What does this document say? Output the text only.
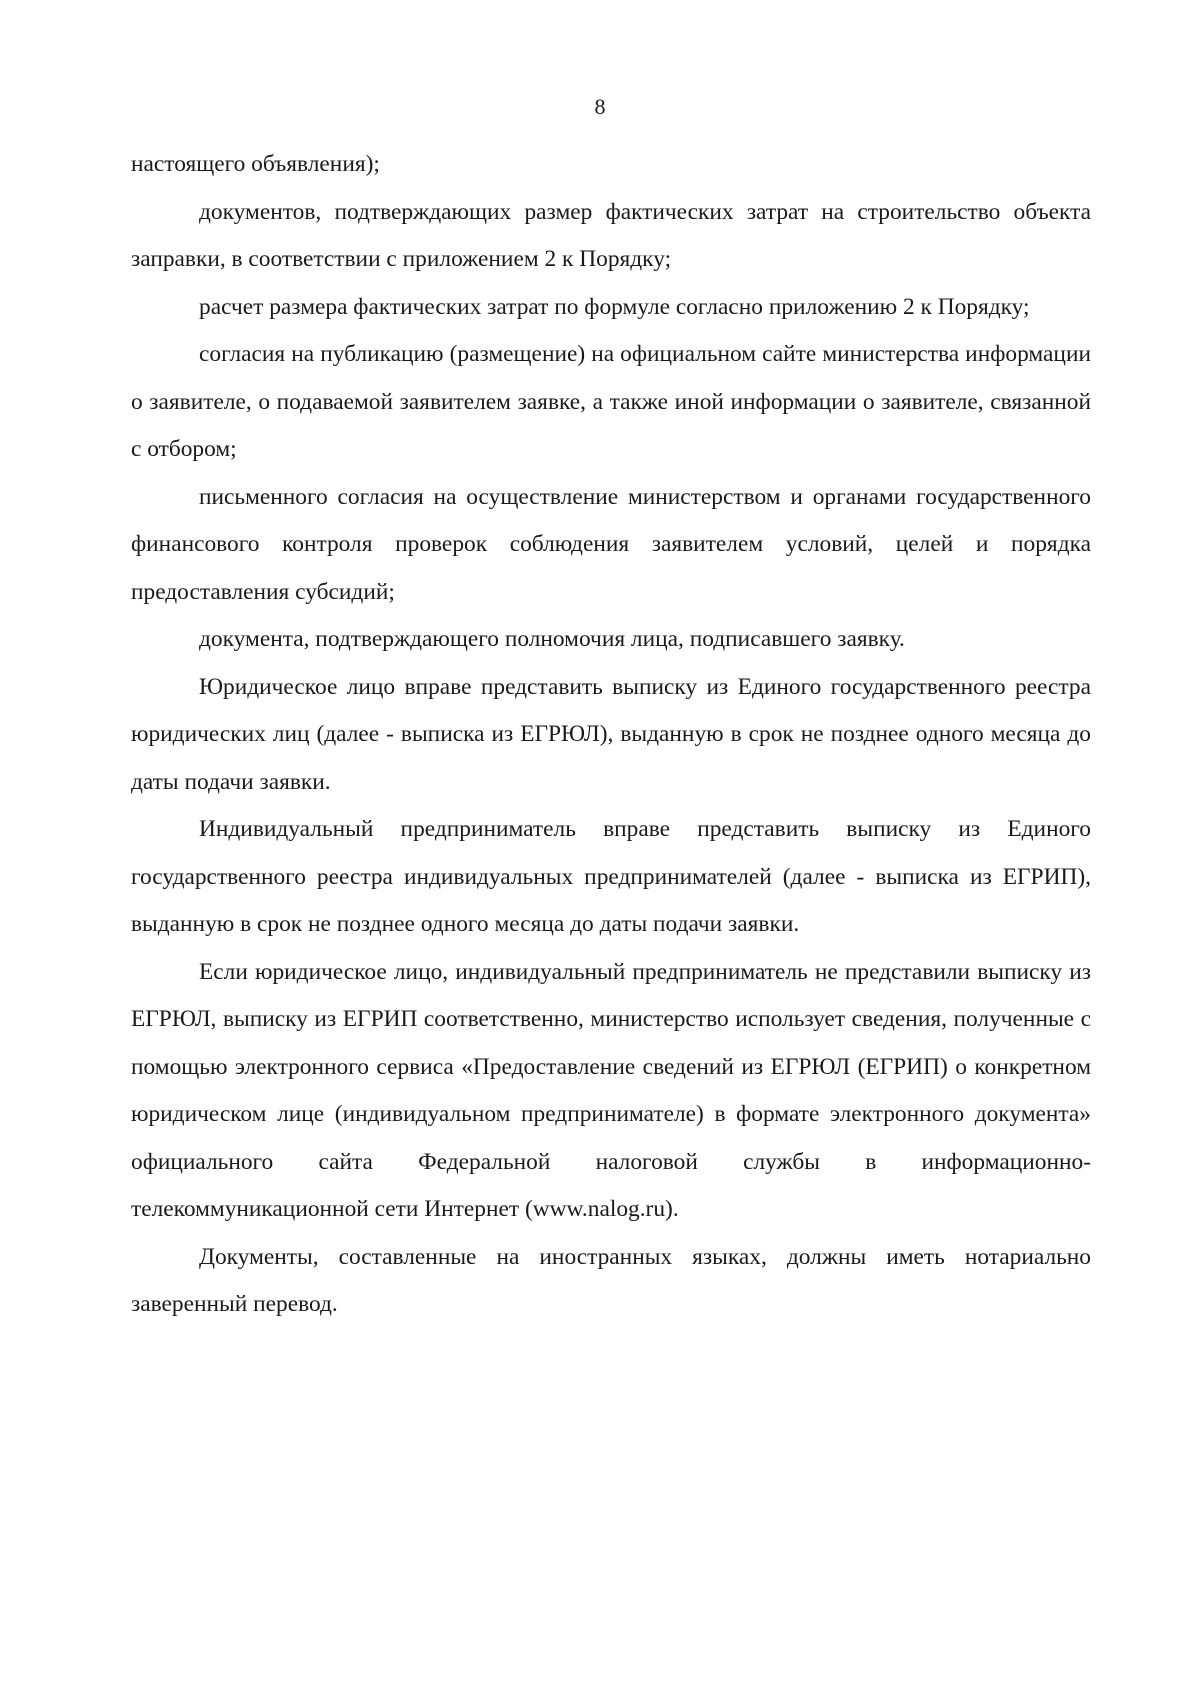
8

настоящего объявления);

документов, подтверждающих размер фактических затрат на строительство объекта заправки, в соответствии с приложением 2 к Порядку;

расчет размера фактических затрат по формуле согласно приложению 2 к Порядку;

согласия на публикацию (размещение) на официальном сайте министерства информации о заявителе, о подаваемой заявителем заявке, а также иной информации о заявителе, связанной с отбором;

письменного согласия на осуществление министерством и органами государственного финансового контроля проверок соблюдения заявителем условий, целей и порядка предоставления субсидий;

документа, подтверждающего полномочия лица, подписавшего заявку.

Юридическое лицо вправе представить выписку из Единого государственного реестра юридических лиц (далее - выписка из ЕГРЮЛ), выданную в срок не позднее одного месяца до даты подачи заявки.

Индивидуальный предприниматель вправе представить выписку из Единого государственного реестра индивидуальных предпринимателей (далее - выписка из ЕГРИП), выданную в срок не позднее одного месяца до даты подачи заявки.

Если юридическое лицо, индивидуальный предприниматель не представили выписку из ЕГРЮЛ, выписку из ЕГРИП соответственно, министерство использует сведения, полученные с помощью электронного сервиса «Предоставление сведений из ЕГРЮЛ (ЕГРИП) о конкретном юридическом лице (индивидуальном предпринимателе) в формате электронного документа» официального сайта Федеральной налоговой службы в информационно-телекоммуникационной сети Интернет (www.nalog.ru).

Документы, составленные на иностранных языках, должны иметь нотариально заверенный перевод.
